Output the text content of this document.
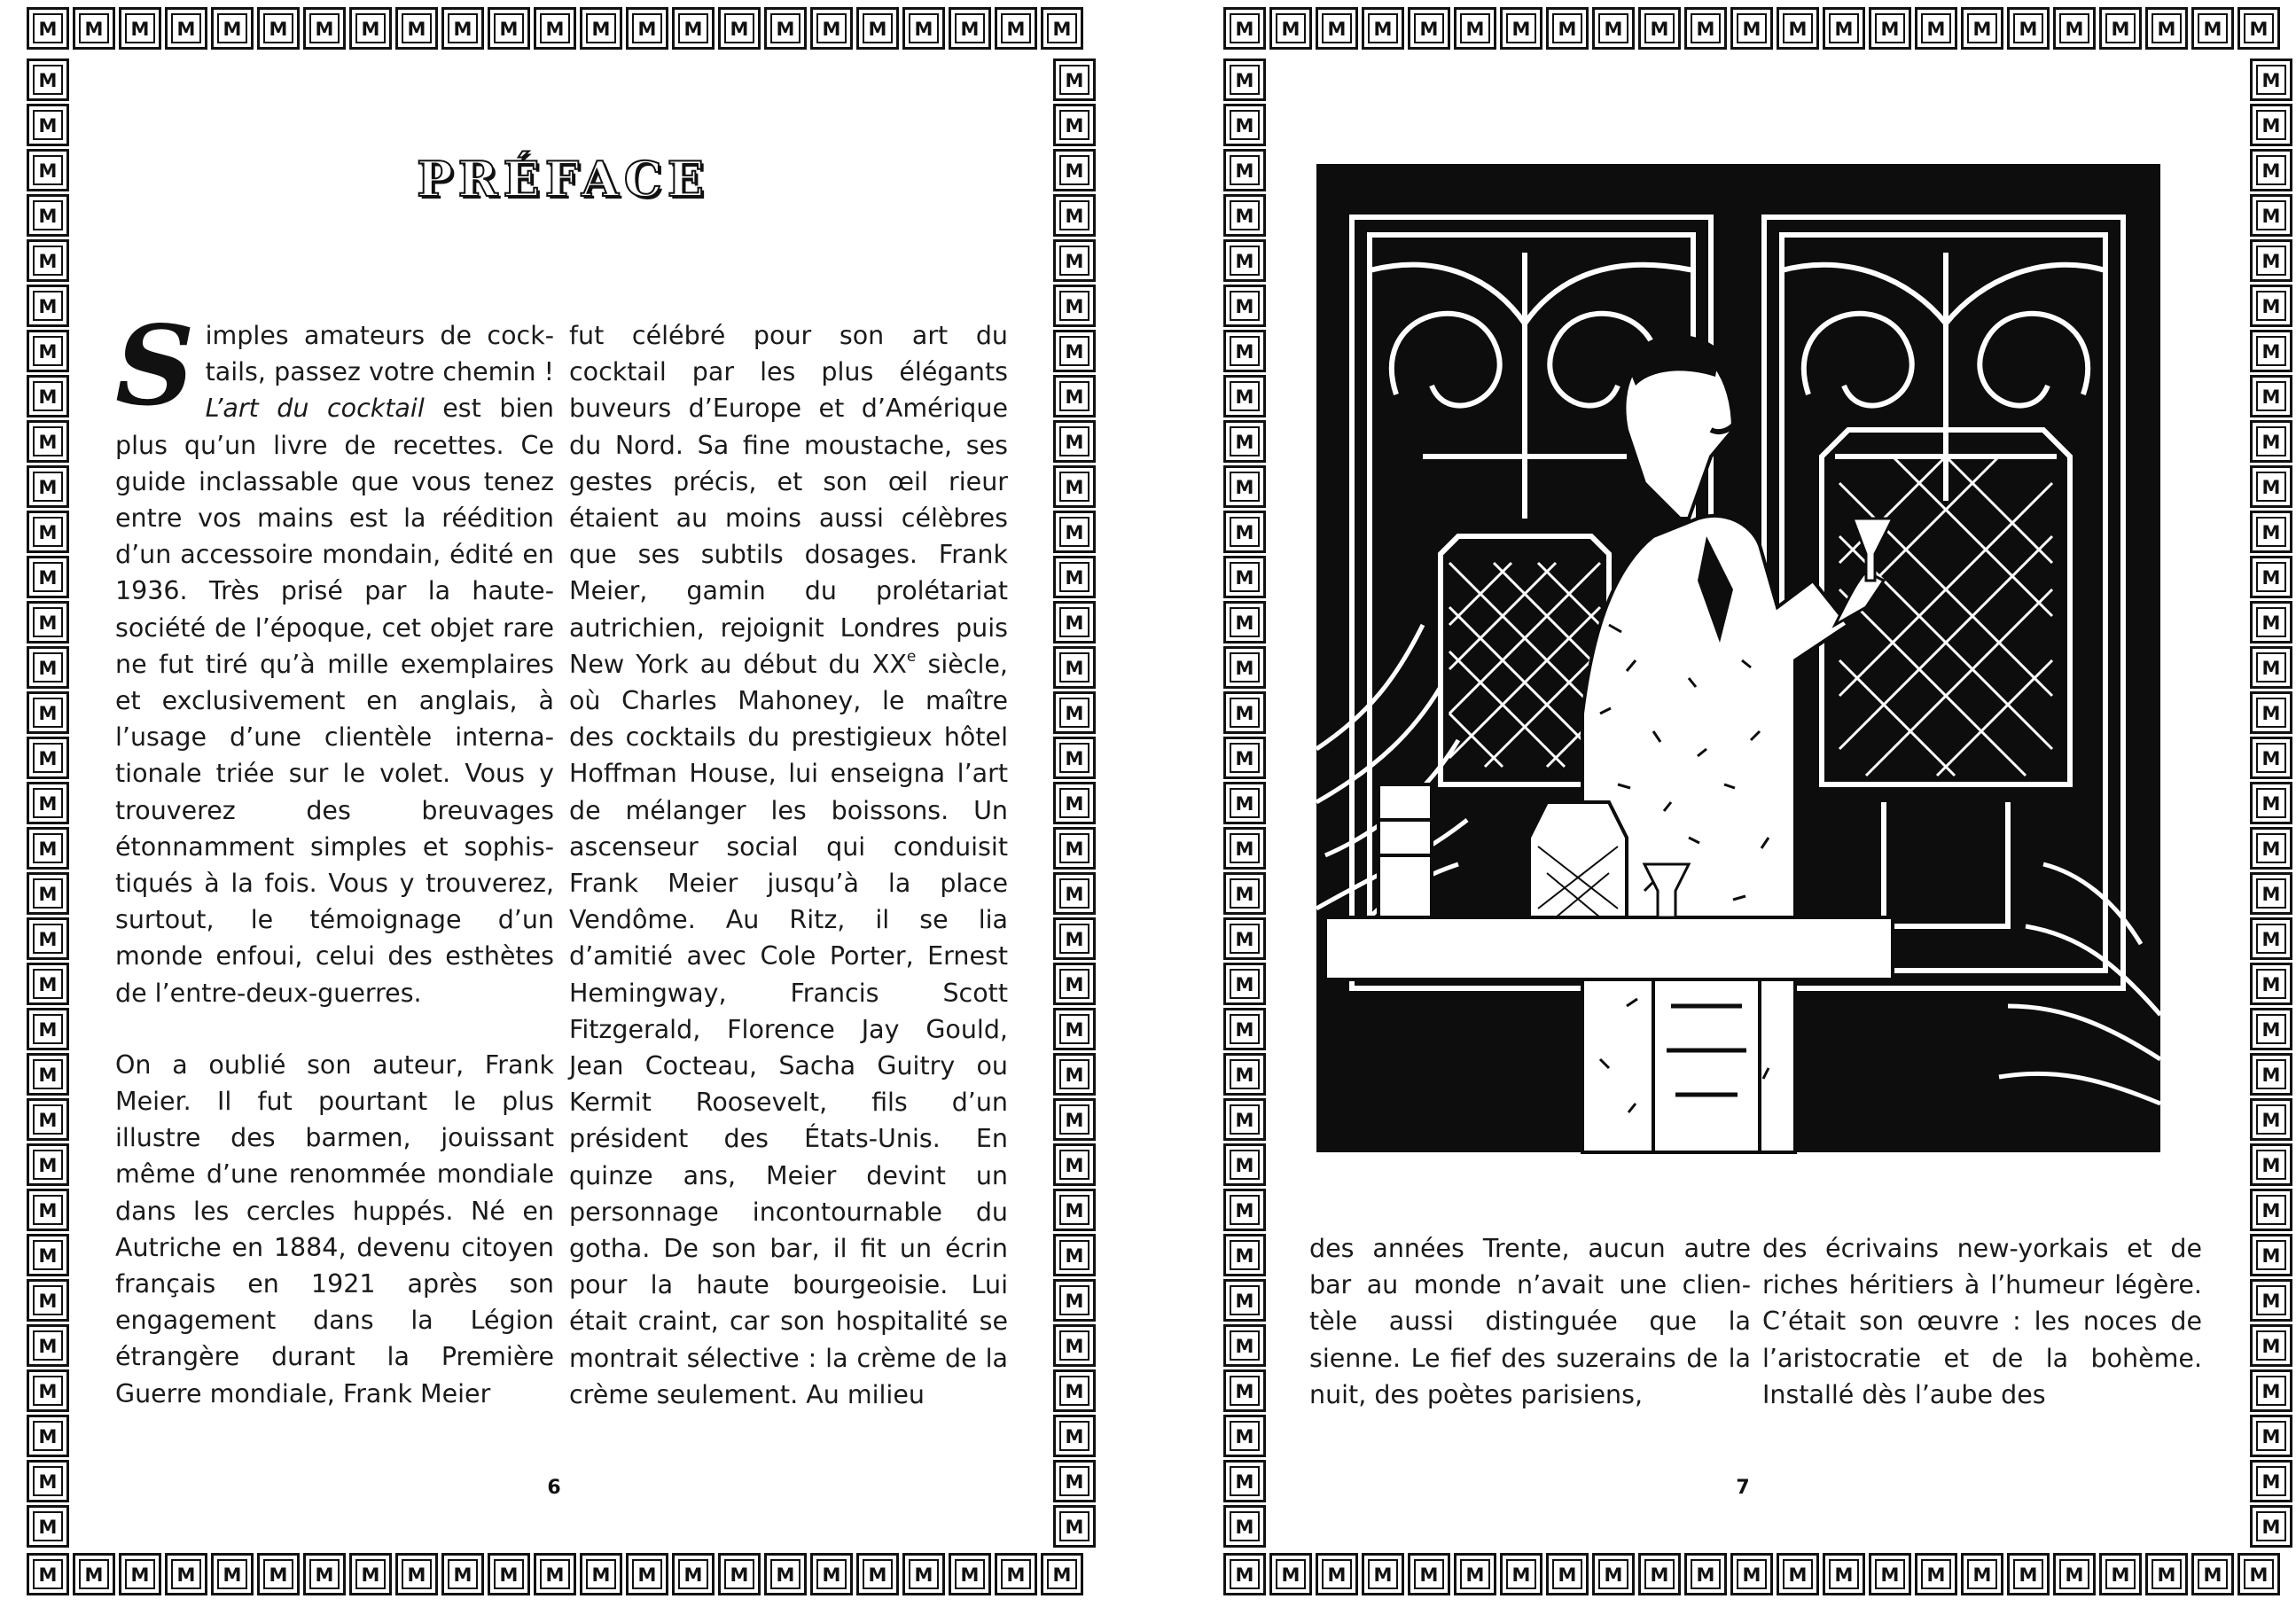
M	M	M	M	M	M	M	M	M	M	M	M	M	M	M	M	M	M	M	M	M	M	M
M
M
M
M
M
M
M
M
M
M
M
M
M
M
M
M
M
M
M
M
M
M
M
M
M
M
M
M
M
M
M
M
M
M
M
M
M
M
M
M
M
M
M
M
M
M
M
M
M
M
M
M
M
M
M
M
M
M
M
M
M
M
M
M
M
M
M	M	M	M	M	M	M	M	M	M	M	M	M	M	M	M	M	M	M	M	M	M	M
PRÉFACE

Simples amateurs de cocktails, passez votre chemin ! L’art du cocktail est bien plus qu’un livre de recettes. Ce guide inclassable que vous tenez entre vos mains est la réédition d’un accessoire mondain, édité en 1936. Très prisé par la hautesociété de l’époque, cet objet rare ne fut tiré qu’à mille exemplaires et exclusivement en anglais, à l’usage d’une clientèle internationale triée sur le volet. Vous y trouverez des breuvages étonnamment simples et sophistiqués à la fois. Vous y trouverez, surtout, le témoignage d’un monde enfoui, celui des esthètes de l’entre-deux-guerres.

On a oublié son auteur, Frank Meier. Il fut pourtant le plus illustre des barmen, jouissant même d’une renommée mondiale dans les cercles huppés. Né en Autriche en 1884, devenu citoyen français en 1921 après son engagement dans la Légion étrangère durant la Première Guerre mondiale, Frank Meier

fut célébré pour son art du cocktail par les plus élégants buveurs d’Europe et d’Amérique du Nord. Sa fine moustache, ses gestes précis, et son œil rieur étaient au moins aussi célèbres que ses subtils dosages. Frank Meier, gamin du prolétariat autrichien, rejoignit Londres puis New York au début du XXe siècle, où Charles Mahoney, le maître des cocktails du prestigieux hôtel Hoffman House, lui enseigna l’art de mélanger les boissons. Un ascenseur social qui conduisit Frank Meier jusqu’à la place Vendôme. Au Ritz, il se lia d’amitié avec Cole Porter, Ernest Hemingway, Francis Scott Fitzgerald, Florence Jay Gould, Jean Cocteau, Sacha Guitry ou Kermit Roosevelt, fils d’un président des États-Unis. En quinze ans, Meier devint un personnage incontournable du gotha. De son bar, il fit un écrin pour la haute bourgeoisie. Lui était craint, car son hospitalité se montrait sélective : la crème de la crème seulement. Au milieu

6
M	M	M	M	M	M	M	M	M	M	M	M	M	M	M	M	M	M	M	M	M	M	M
M
M
M
M
M
M
M
M
M
M
M
M
M
M
M
M
M
M
M
M
M
M
M
M
M
M
M
M
M
M
M
M
M
M
M
M
M
M
M
M
M
M
M
M
M
M
M
M
M
M
M
M
M
M
M
M
M
M
M
M
M
M
M
M
M
M
M	M	M	M	M	M	M	M	M	M	M	M	M	M	M	M	M	M	M	M	M	M	M
des années Trente, aucun autre bar au monde n’avait une clientèle aussi distinguée que la sienne. Le fief des suzerains de la nuit, des poètes parisiens,
des écrivains new-yorkais et de riches héritiers à l’humeur légère. C’était son œuvre : les noces de l’aristocratie et de la bohème. Installé dès l’aube des
7
